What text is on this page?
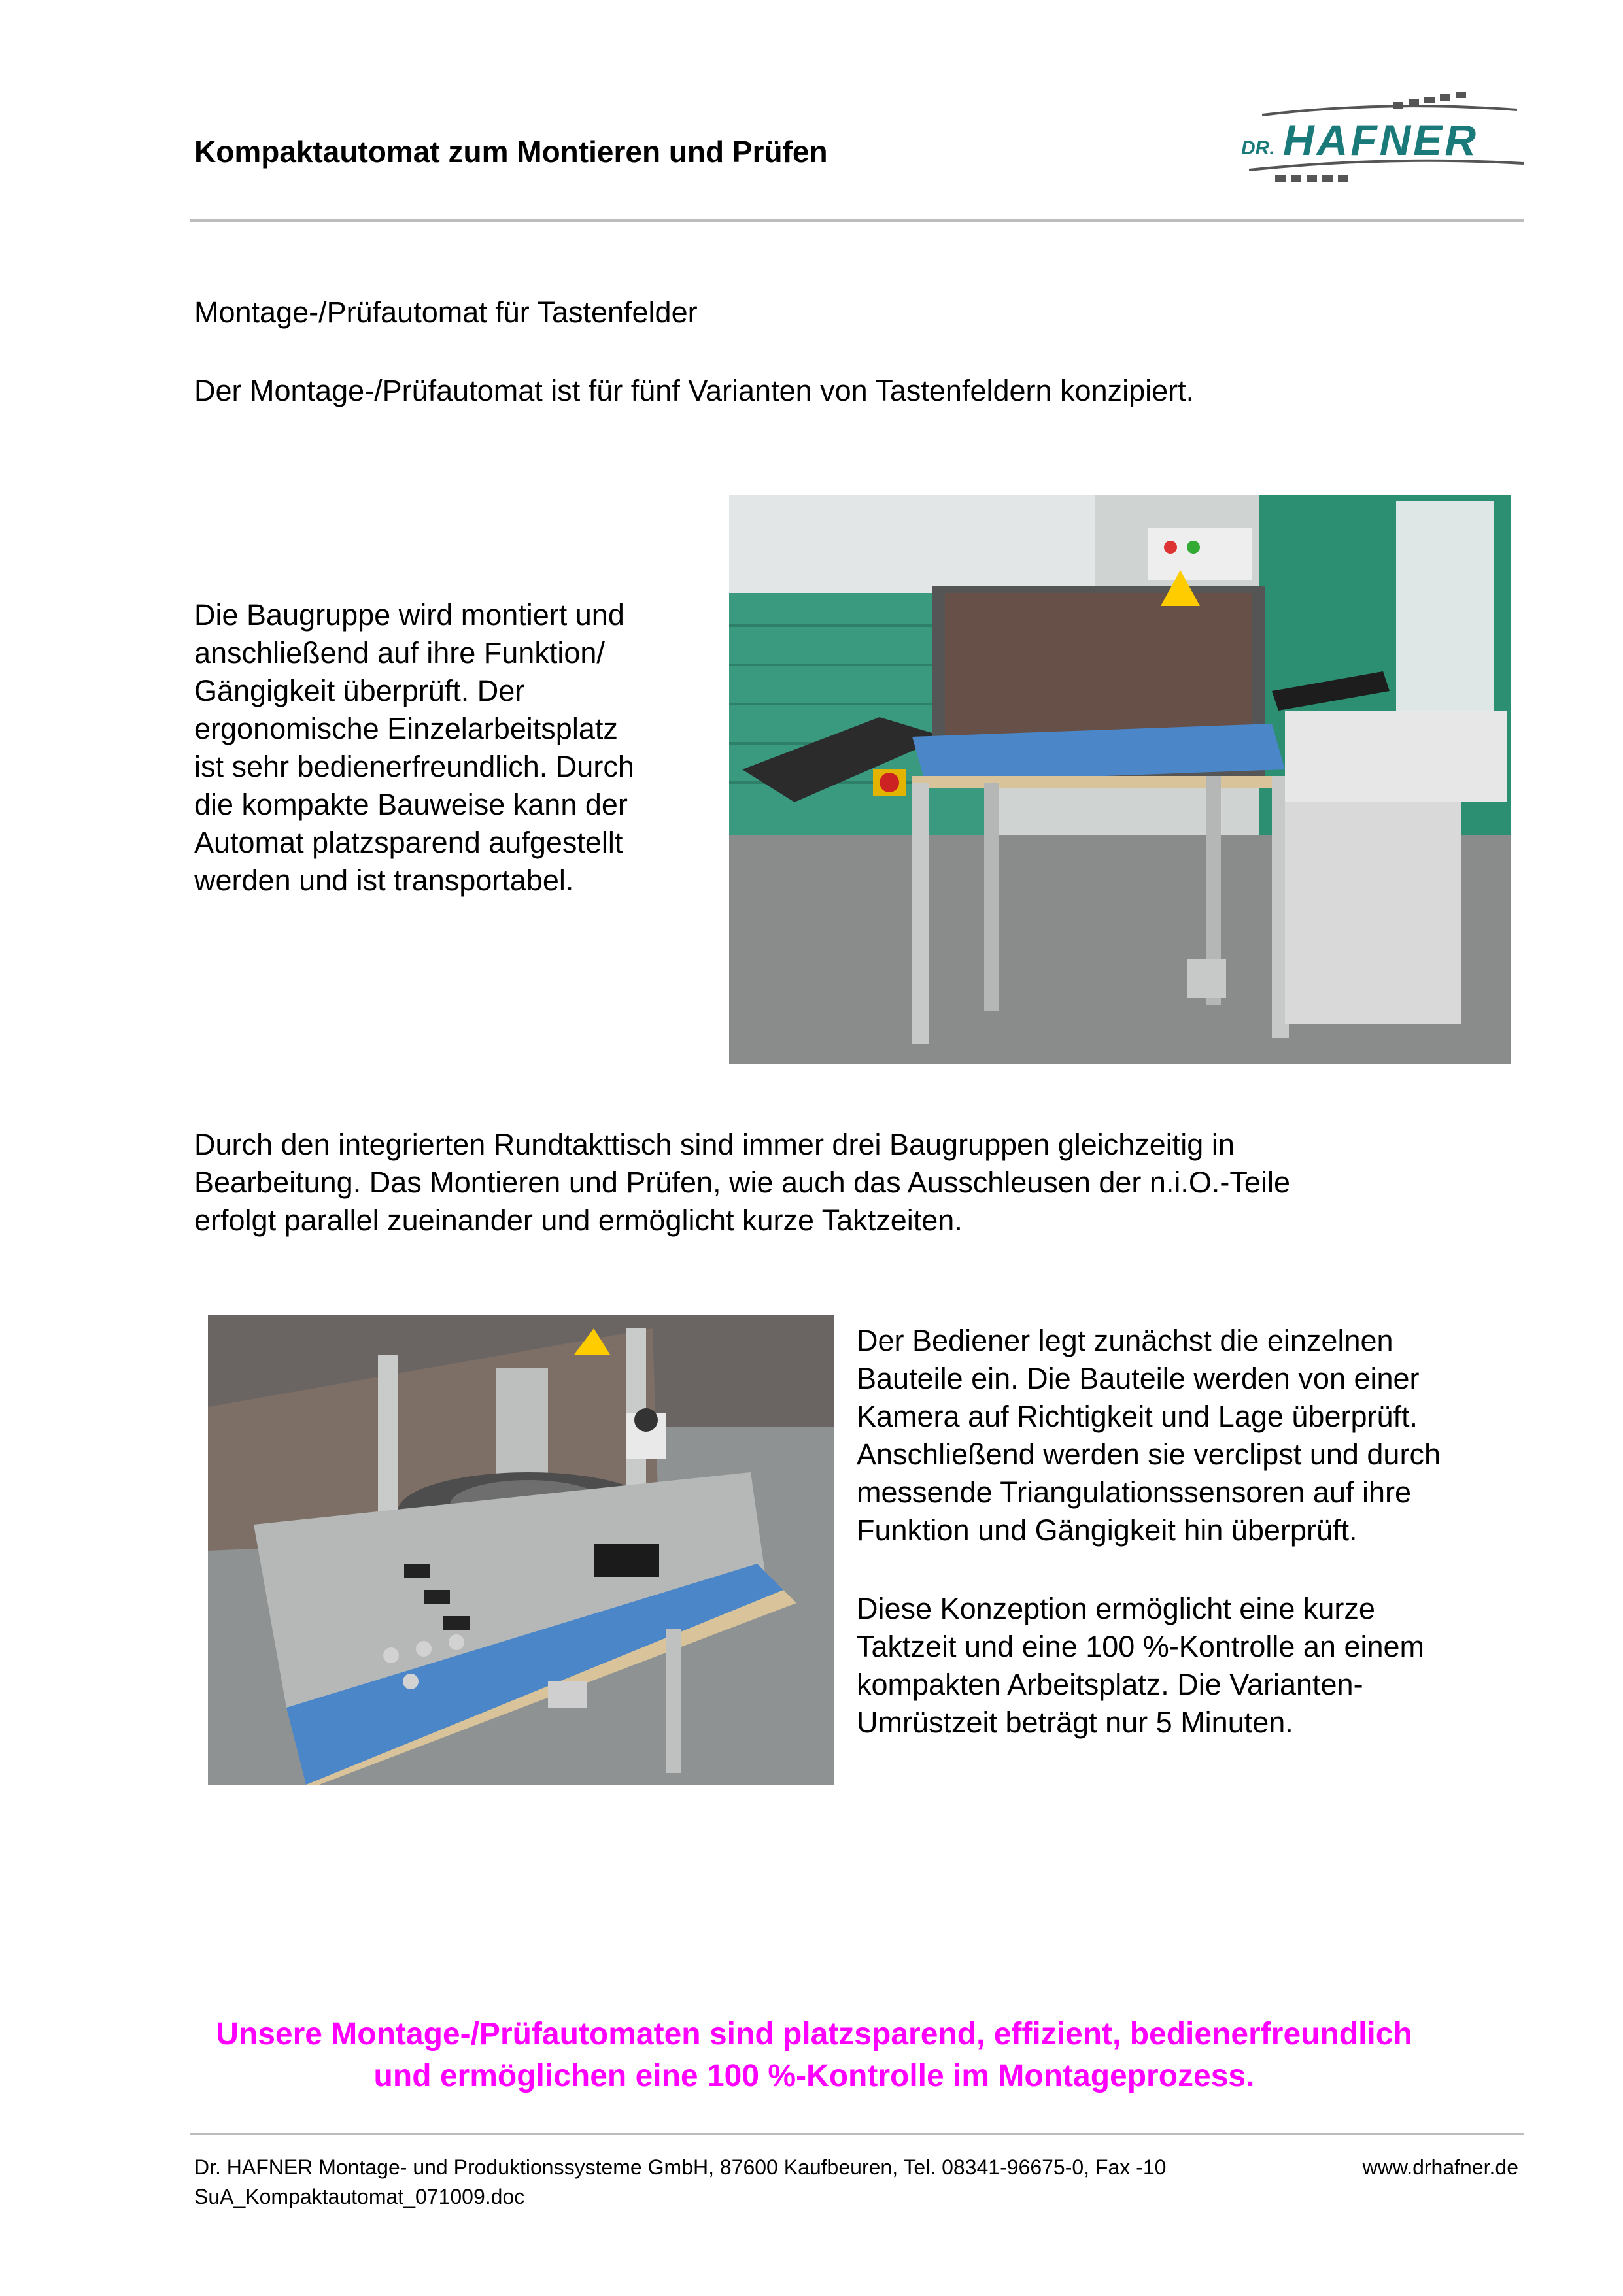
Kompaktautomat zum Montieren und Prüfen	DR. HAFNER
Montage-/Prüfautomat für Tastenfelder
Der Montage-/Prüfautomat ist für fünf Varianten von Tastenfeldern konzipiert.
Die Baugruppe wird montiert und
anschließend auf ihre Funktion/
Gängigkeit überprüft. Der
ergonomische Einzelarbeitsplatz
ist sehr bedienerfreundlich. Durch
die kompakte Bauweise kann der
Automat platzsparend aufgestellt
werden und ist transportabel.
Durch den integrierten Rundtakttisch sind immer drei Baugruppen gleichzeitig in
Bearbeitung. Das Montieren und Prüfen, wie auch das Ausschleusen der n.i.O.-Teile
erfolgt parallel zueinander und ermöglicht kurze Taktzeiten.
Der Bediener legt zunächst die einzelnen
Bauteile ein. Die Bauteile werden von einer
Kamera auf Richtigkeit und Lage überprüft.
Anschließend werden sie verclipst und durch
messende Triangulationssensoren auf ihre
Funktion und Gängigkeit hin überprüft.
Diese Konzeption ermöglicht eine kurze
Taktzeit und eine 100 %-Kontrolle an einem
kompakten Arbeitsplatz. Die Varianten-
Umrüstzeit beträgt nur 5 Minuten.
Unsere Montage-/Prüfautomaten sind platzsparend, effizient, bedienerfreundlich
und ermöglichen eine 100 %-Kontrolle im Montageprozess.
Dr. HAFNER Montage- und Produktionssysteme GmbH, 87600 Kaufbeuren, Tel. 08341-96675-0, Fax -10	www.drhafner.de
SuA_Kompaktautomat_071009.doc
